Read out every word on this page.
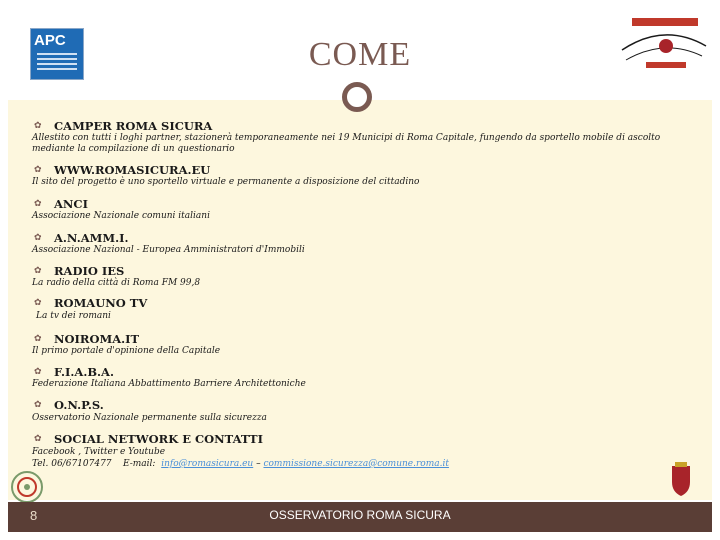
APC	COME
✿ CAMPER ROMA SICURA
Allestito con tutti i loghi partner, stazionerà temporaneamente nei 19 Municipi di Roma Capitale, fungendo da sportello mobile di ascolto mediante la compilazione di un questionario
✿ WWW.ROMASICURA.EU
Il sito del progetto è uno sportello virtuale e permanente a disposizione del cittadino
✿ ANCI
Associazione Nazionale comuni italiani
✿ A.N.AMM.I.
Associazione Nazional - Europea Amministratori d'Immobili
✿ RADIO IES
La radio della città di Roma FM 99,8
✿ ROMAUNO TV
La tv dei romani
✿ NOIROMA.IT
Il primo portale d'opinione della Capitale
✿ F.I.A.B.A.
Federazione Italiana Abbattimento Barriere Architettoniche
✿ O.N.P.S.
Osservatorio Nazionale permanente sulla sicurezza
✿ SOCIAL NETWORK E CONTATTI
Facebook , Twitter e Youtube
Tel. 06/67107477 E-mail: info@romasicura.eu – commissione.sicurezza@comune.roma.it
8	OSSERVATORIO ROMA SICURA
